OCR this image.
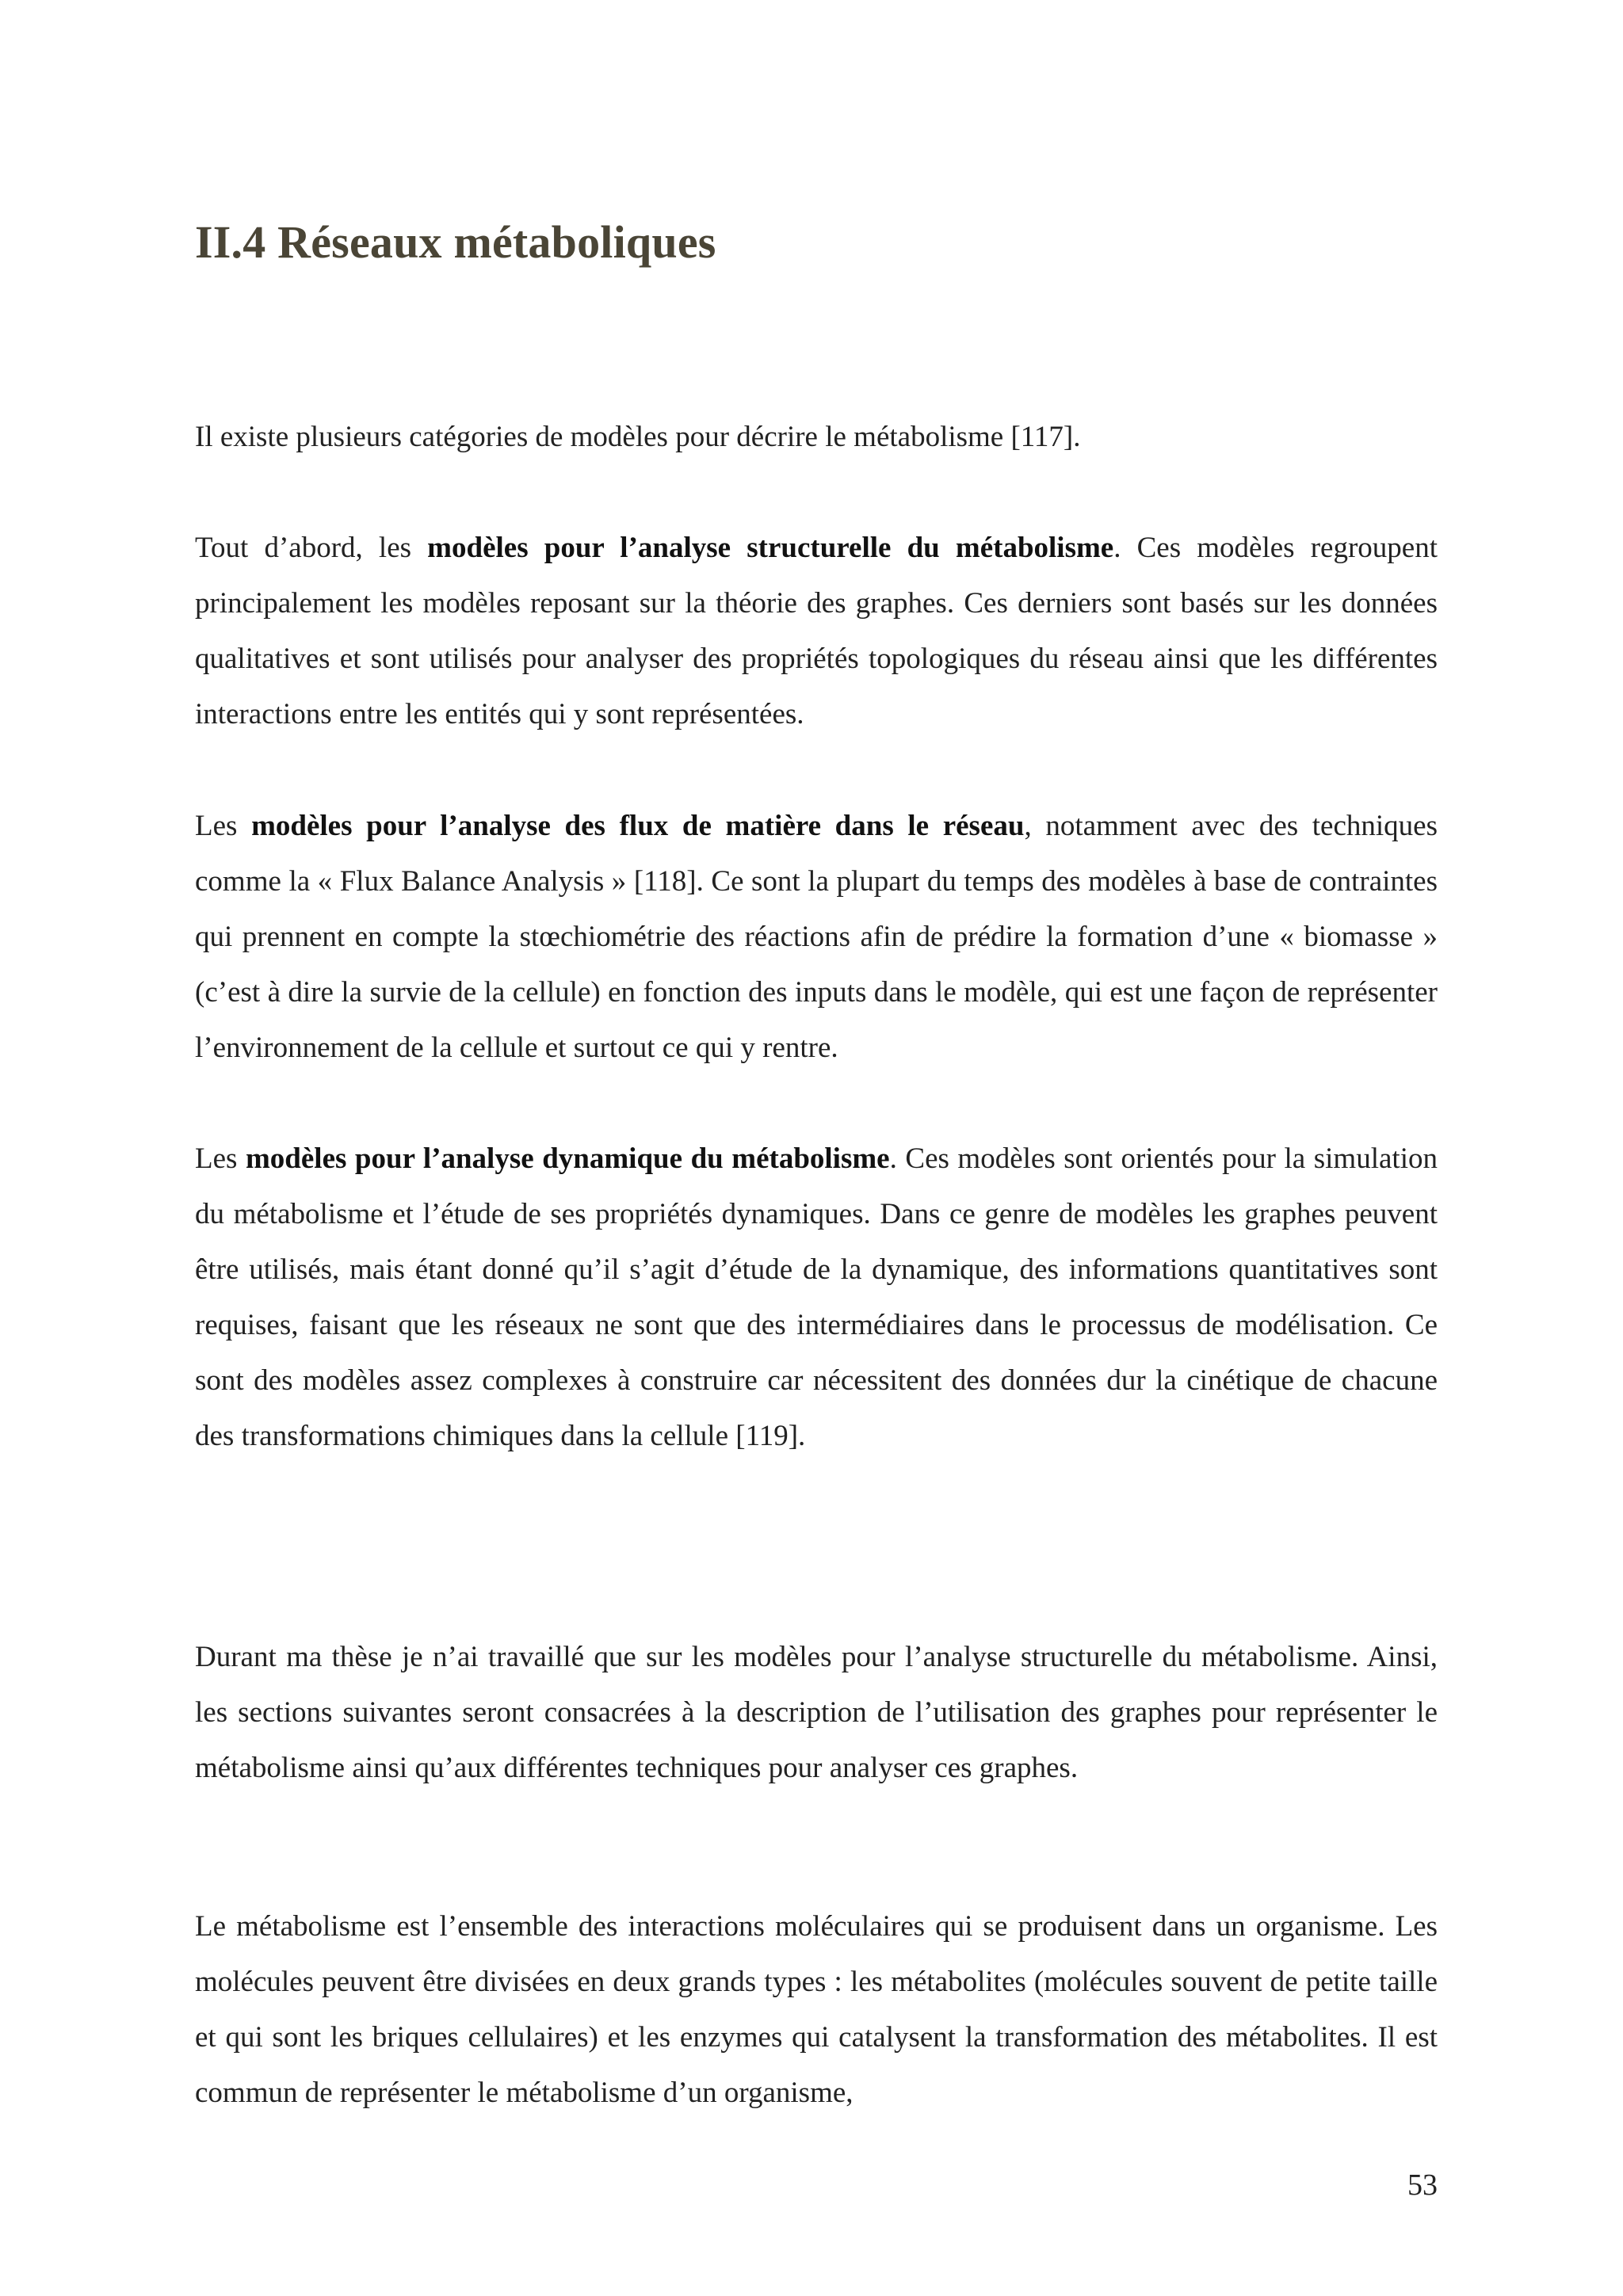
II.4 Réseaux métaboliques

Il existe plusieurs catégories de modèles pour décrire le métabolisme [117].

Tout d’abord, les modèles pour l’analyse structurelle du métabolisme. Ces modèles regroupent principalement les modèles reposant sur la théorie des graphes. Ces derniers sont basés sur les données qualitatives et sont utilisés pour analyser des propriétés topologiques du réseau ainsi que les différentes interactions entre les entités qui y sont représentées.

Les modèles pour l’analyse des flux de matière dans le réseau, notamment avec des techniques comme la « Flux Balance Analysis » [118]. Ce sont la plupart du temps des modèles à base de contraintes qui prennent en compte la stœchiométrie des réactions afin de prédire la formation d’une « biomasse » (c’est à dire la survie de la cellule) en fonction des inputs dans le modèle, qui est une façon de représenter l’environnement de la cellule et surtout ce qui y rentre.

Les modèles pour l’analyse dynamique du métabolisme. Ces modèles sont orientés pour la simulation du métabolisme et l’étude de ses propriétés dynamiques. Dans ce genre de modèles les graphes peuvent être utilisés, mais étant donné qu’il s’agit d’étude de la dynamique, des informations quantitatives sont requises, faisant que les réseaux ne sont que des intermédiaires dans le processus de modélisation. Ce sont des modèles assez complexes à construire car nécessitent des données dur la cinétique de chacune des transformations chimiques dans la cellule [119].

Durant ma thèse je n’ai travaillé que sur les modèles pour l’analyse structurelle du métabolisme. Ainsi, les sections suivantes seront consacrées à la description de l’utilisation des graphes pour représenter le métabolisme ainsi qu’aux différentes techniques pour analyser ces graphes.

Le métabolisme est l’ensemble des interactions moléculaires qui se produisent dans un organisme. Les molécules peuvent être divisées en deux grands types : les métabolites (molécules souvent de petite taille et qui sont les briques cellulaires) et les enzymes qui catalysent la transformation des métabolites. Il est commun de représenter le métabolisme d’un organisme,

53
